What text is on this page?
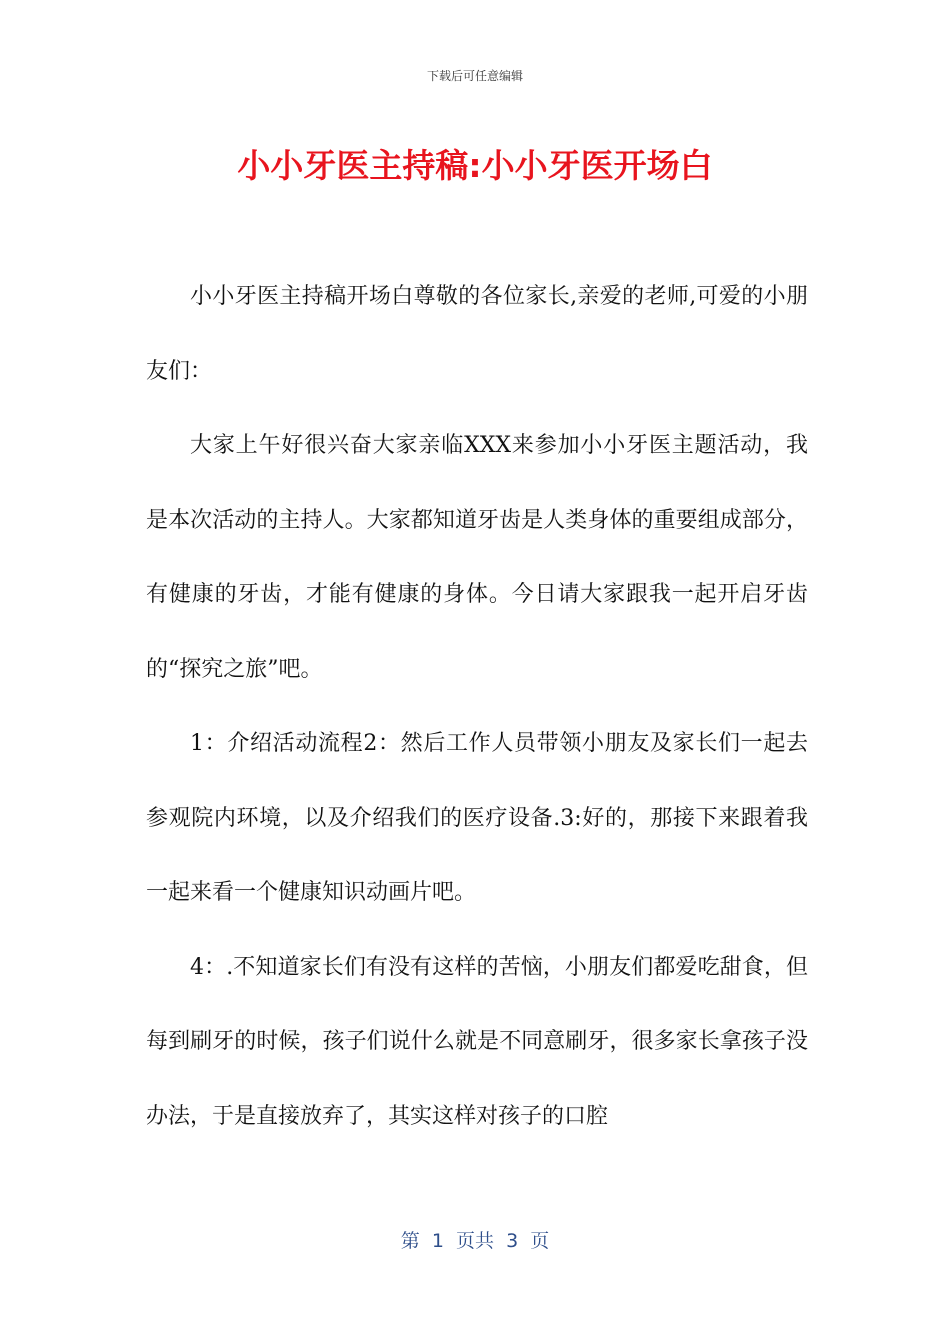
下载后可任意编辑
小小牙医主持稿:小小牙医开场白

小小牙医主持稿开场白尊敬的各位家长,亲爱的老师,可爱的小朋友们：

大家上午好很兴奋大家亲临XXX来参加小小牙医主题活动，我是本次活动的主持人。大家都知道牙齿是人类身体的重要组成部分，有健康的牙齿，才能有健康的身体。今日请大家跟我一起开启牙齿的“探究之旅”吧。

1：介绍活动流程2：然后工作人员带领小朋友及家长们一起去参观院内环境，以及介绍我们的医疗设备.3:好的，那接下来跟着我一起来看一个健康知识动画片吧。

4：.不知道家长们有没有这样的苦恼，小朋友们都爱吃甜食，但每到刷牙的时候，孩子们说什么就是不同意刷牙，很多家长拿孩子没办法，于是直接放弃了，其实这样对孩子的口腔

第  1  页共  3  页
